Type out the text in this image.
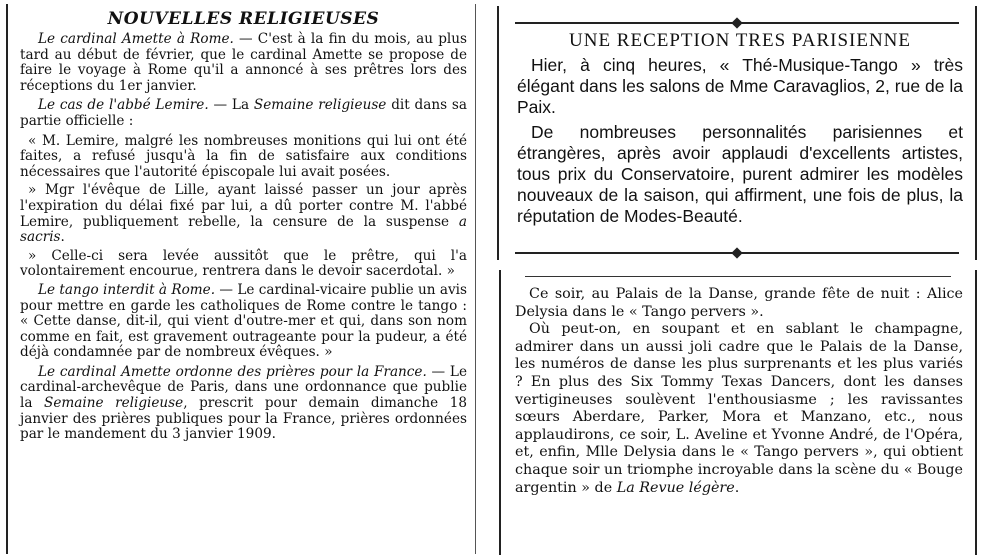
NOUVELLES RELIGIEUSES

Le cardinal Amette à Rome. — C'est à la fin du mois, au plus tard au début de février, que le cardinal Amette se propose de faire le voyage à Rome qu'il a annoncé à ses prêtres lors des réceptions du 1er janvier.

Le cas de l'abbé Lemire. — La Semaine religieuse dit dans sa partie officielle :

« M. Lemire, malgré les nombreuses monitions qui lui ont été faites, a refusé jusqu'à la fin de satisfaire aux conditions nécessaires que l'autorité épiscopale lui avait posées.

» Mgr l'évêque de Lille, ayant laissé passer un jour après l'expiration du délai fixé par lui, a dû porter contre M. l'abbé Lemire, publiquement rebelle, la censure de la suspense a sacris.

» Celle-ci sera levée aussitôt que le prêtre, qui l'a volontairement encourue, rentrera dans le devoir sacerdotal. »

Le tango interdit à Rome. — Le cardinal-vicaire publie un avis pour mettre en garde les catholiques de Rome contre le tango : « Cette danse, dit-il, qui vient d'outre-mer et qui, dans son nom comme en fait, est gravement outrageante pour la pudeur, a été déjà condamnée par de nombreux évêques. »

Le cardinal Amette ordonne des prières pour la France. — Le cardinal-archevêque de Paris, dans une ordonnance que publie la Semaine religieuse, prescrit pour demain dimanche 18 janvier des prières publiques pour la France, prières ordonnées par le mandement du 3 janvier 1909.

UNE RECEPTION TRES PARISIENNE

Hier, à cinq heures, « Thé-Musique-Tango » très élégant dans les salons de Mme Caravaglios, 2, rue de la Paix.

De nombreuses personnalités parisiennes et étrangères, après avoir applaudi d'excellents artistes, tous prix du Conservatoire, purent admirer les modèles nouveaux de la saison, qui affirment, une fois de plus, la réputation de Modes-Beauté.

Ce soir, au Palais de la Danse, grande fête de nuit : Alice Delysia dans le « Tango pervers ».

Où peut-on, en soupant et en sablant le champagne, admirer dans un aussi joli cadre que le Palais de la Danse, les numéros de danse les plus surprenants et les plus variés ? En plus des Six Tommy Texas Dancers, dont les danses vertigineuses soulèvent l'enthousiasme ; les ravissantes sœurs Aberdare, Parker, Mora et Manzano, etc., nous applaudirons, ce soir, L. Aveline et Yvonne André, de l'Opéra, et, enfin, Mlle Delysia dans le « Tango pervers », qui obtient chaque soir un triomphe incroyable dans la scène du « Bouge argentin » de La Revue légère.
